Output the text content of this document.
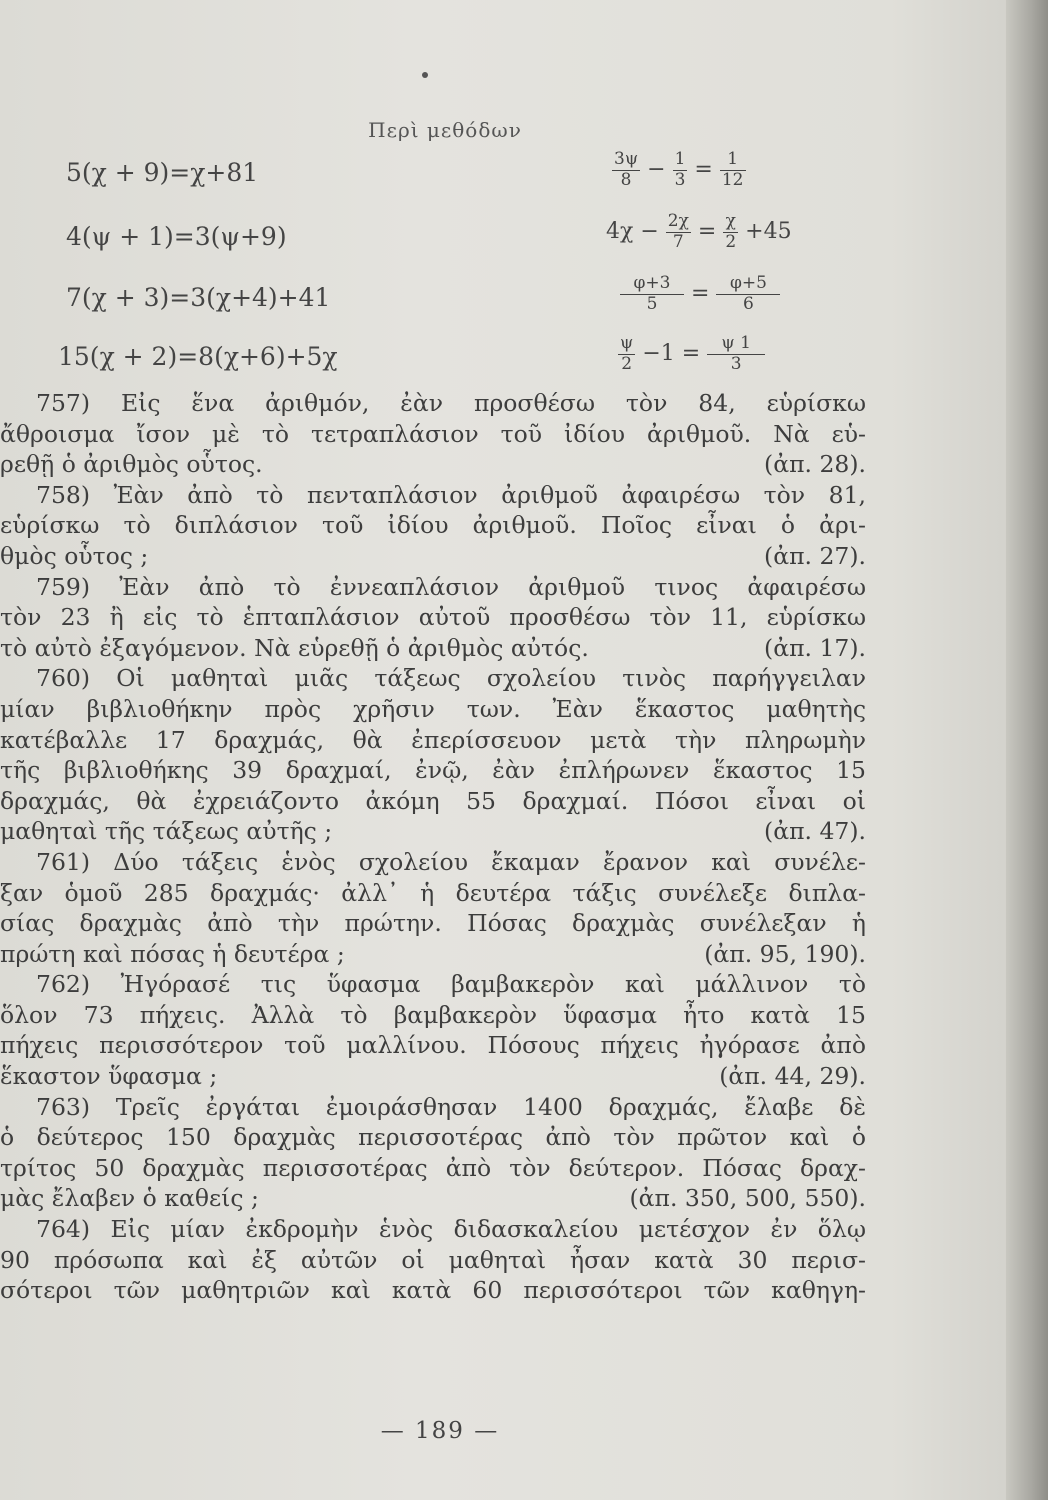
Περὶ μεθόδων
5(χ + 9)=χ+81
4(ψ + 1)=3(ψ+9)
7(χ + 3)=3(χ+4)+41
15(χ + 2)=8(χ+6)+5χ
$\frac{3\psi}{8} - \frac{1}{3} = \frac{1}{12}$
$4\chi - \frac{2\chi}{7} = \frac{\chi}{2} +45$
$\frac{\varphi+3}{5} = \frac{\varphi+5}{6}$
$\frac{\psi}{2} -1 = \frac{\psi 1}{3}$
757) Εἰς ἕνα ἀριθμόν, ἐὰν προσθέσω τὸν 84, εὑρίσκω
ἄθροισμα ἴσον μὲ τὸ τετραπλάσιον τοῦ ἰδίου ἀριθμοῦ. Νὰ εὑ-
ρεθῇ ὁ ἀριθμὸς οὗτος.	(ἀπ. 28).
758) Ἐὰν ἀπὸ τὸ πενταπλάσιον ἀριθμοῦ ἀφαιρέσω τὸν 81,
εὑρίσκω τὸ διπλάσιον τοῦ ἰδίου ἀριθμοῦ. Ποῖος εἶναι ὁ ἀρι-
θμὸς οὗτος ;	(ἀπ. 27).
759) Ἐὰν ἀπὸ τὸ ἐννεαπλάσιον ἀριθμοῦ τινος ἀφαιρέσω
τὸν 23 ἢ εἰς τὸ ἑπταπλάσιον αὐτοῦ προσθέσω τὸν 11, εὑρίσκω
τὸ αὐτὸ ἐξαγόμενον. Νὰ εὑρεθῇ ὁ ἀριθμὸς αὐτός.	(ἀπ. 17).
760) Οἱ μαθηταὶ μιᾶς τάξεως σχολείου τινὸς παρήγγειλαν
μίαν βιβλιοθήκην πρὸς χρῆσιν των. Ἐὰν ἕκαστος μαθητὴς
κατέβαλλε 17 δραχμάς, θὰ ἐπερίσσευον μετὰ τὴν πληρωμὴν
τῆς βιβλιοθήκης 39 δραχμαί, ἐνῷ, ἐὰν ἐπλήρωνεν ἕκαστος 15
δραχμάς, θὰ ἐχρειάζοντο ἀκόμη 55 δραχμαί. Πόσοι εἶναι οἱ
μαθηταὶ τῆς τάξεως αὐτῆς ;	(ἀπ. 47).
761) Δύο τάξεις ἑνὸς σχολείου ἔκαμαν ἔρανον καὶ συνέλε-
ξαν ὁμοῦ 285 δραχμάς· ἀλλ᾽ ἡ δευτέρα τάξις συνέλεξε διπλα-
σίας δραχμὰς ἀπὸ τὴν πρώτην. Πόσας δραχμὰς συνέλεξαν ἡ
πρώτη καὶ πόσας ἡ δευτέρα ;	(ἀπ. 95, 190).
762) Ἠγόρασέ τις ὕφασμα βαμβακερὸν καὶ μάλλινον τὸ
ὅλον 73 πήχεις. Ἀλλὰ τὸ βαμβακερὸν ὕφασμα ἦτο κατὰ 15
πήχεις περισσότερον τοῦ μαλλίνου. Πόσους πήχεις ἠγόρασε ἀπὸ
ἕκαστον ὕφασμα ;	(ἀπ. 44, 29).
763) Τρεῖς ἐργάται ἐμοιράσθησαν 1400 δραχμάς, ἔλαβε δὲ
ὁ δεύτερος 150 δραχμὰς περισσοτέρας ἀπὸ τὸν πρῶτον καὶ ὁ
τρίτος 50 δραχμὰς περισσοτέρας ἀπὸ τὸν δεύτερον. Πόσας δραχ-
μὰς ἔλαβεν ὁ καθείς ;	(ἀπ. 350, 500, 550).
764) Εἰς μίαν ἐκδρομὴν ἑνὸς διδασκαλείου μετέσχον ἐν ὅλῳ
90 πρόσωπα καὶ ἐξ αὐτῶν οἱ μαθηταὶ ἦσαν κατὰ 30 περισ-
σότεροι τῶν μαθητριῶν καὶ κατὰ 60 περισσότεροι τῶν καθηγη-
— 189 —
